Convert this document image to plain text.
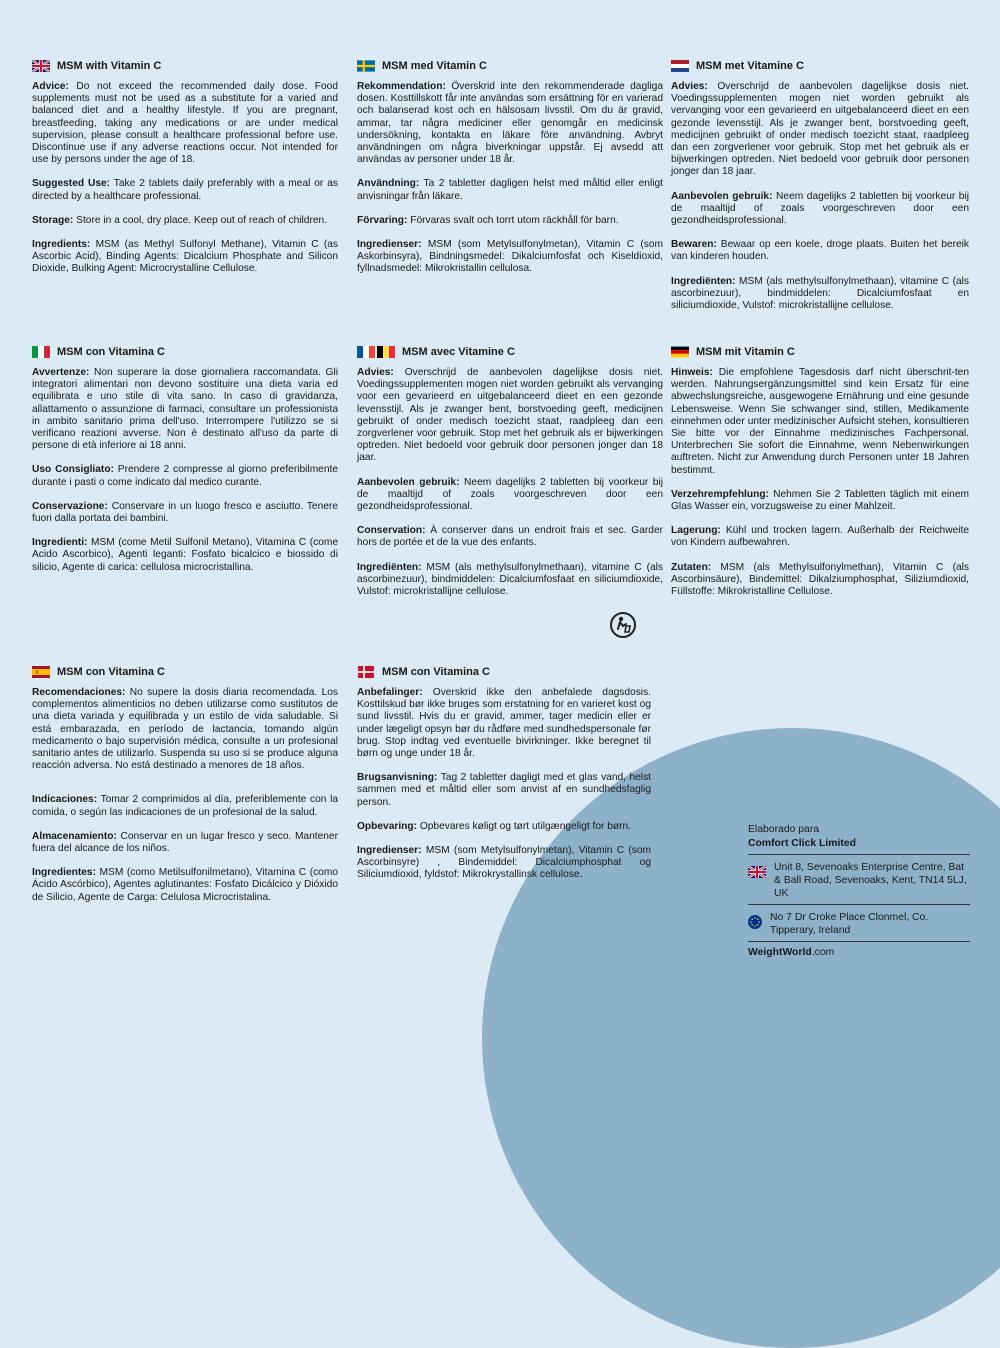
MSM with Vitamin C

Advice: Do not exceed the recommended daily dose. Food supplements must not be used as a substitute for a varied and balanced diet and a healthy lifestyle. If you are pregnant, breastfeeding, taking any medications or are under medical supervision, please consult a healthcare professional before use. Discontinue use if any adverse reactions occur. Not intended for use by persons under the age of 18.

Suggested Use: Take 2 tablets daily preferably with a meal or as directed by a healthcare professional.

Storage: Store in a cool, dry place. Keep out of reach of children.

Ingredients: MSM (as Methyl Sulfonyl Methane), Vitamin C (as Ascorbic Acid), Binding Agents: Dicalcium Phosphate and Silicon Dioxide, Bulking Agent: Microcrystalline Cellulose.

MSM med Vitamin C

Rekommendation: Överskrid inte den rekommenderade dagliga dosen. Kosttillskott får inte användas som ersättning för en varierad och balanserad kost och en hälsosam livsstil. Om du är gravid, ammar, tar några mediciner eller genomgår en medicinsk undersökning, kontakta en läkare före användning. Avbryt användningen om några biverkningar uppstår. Ej avsedd att användas av personer under 18 år.

Användning: Ta 2 tabletter dagligen helst med måltid eller enligt anvisningar från läkare.

Förvaring: Förvaras svalt och torrt utom räckhåll för barn.

Ingredienser: MSM (som Metylsulfonylmetan), Vitamin C (som Askorbinsyra), Bindningsmedel: Dikalciumfosfat och Kiseldioxid, fyllnadsmedel: Mikrokristallin cellulosa.

MSM met Vitamine C

Advies: Overschrijd de aanbevolen dagelijkse dosis niet. Voedingssupplementen mogen niet worden gebruikt als vervanging voor een gevarieerd en uitgebalanceerd dieet en een gezonde levensstijl. Als je zwanger bent, borstvoeding geeft, medicijnen gebruikt of onder medisch toezicht staat, raadpleeg dan een zorgverlener voor gebruik. Stop met het gebruik als er bijwerkingen optreden. Niet bedoeld voor gebruik door personen jonger dan 18 jaar.

Aanbevolen gebruik: Neem dagelijks 2 tabletten bij voorkeur bij de maaltijd of zoals voorgeschreven door een gezondheidsprofessional.

Bewaren: Bewaar op een koele, droge plaats. Buiten het bereik van kinderen houden.

Ingrediënten: MSM (als methylsulfonylmethaan), vitamine C (als ascorbinezuur), bindmiddelen: Dicalciumfosfaat en siliciumdioxide, Vulstof: microkristallijne cellulose.

MSM con Vitamina C

Avvertenze: Non superare la dose giornaliera raccomandata. Gli integratori alimentari non devono sostituire una dieta varia ed equilibrata e uno stile di vita sano. In caso di gravidanza, allattamento o assunzione di farmaci, consultare un professionista in ambito sanitario prima dell'uso. Interrompere l'utilizzo se si verificano reazioni avverse. Non è destinato all'uso da parte di persone di età inferiore ai 18 anni.

Uso Consigliato: Prendere 2 compresse al giorno preferibilmente durante i pasti o come indicato dal medico curante.

Conservazione: Conservare in un luogo fresco e asciutto. Tenere fuori dalla portata dei bambini.

Ingredienti: MSM (come Metil Sulfonil Metano), Vitamina C (come Acido Ascorbico), Agenti leganti: Fosfato bicalcico e biossido di silicio, Agente di carica: cellulosa microcristallina.

MSM avec Vitamine C

Advies: Overschrijd de aanbevolen dagelijkse dosis niet. Voedingssupplementen mogen niet worden gebruikt als vervanging voor een gevarieerd en uitgebalanceerd dieet en een gezonde levensstijl. Als je zwanger bent, borstvoeding geeft, medicijnen gebruikt of onder medisch toezicht staat, raadpleeg dan een zorgverlener voor gebruik. Stop met het gebruik als er bijwerkingen optreden. Niet bedoeld voor gebruik door personen jonger dan 18 jaar.

Aanbevolen gebruik: Neem dagelijks 2 tabletten bij voorkeur bij de maaltijd of zoals voorgeschreven door een gezondheidsprofessional.

Conservation: À conserver dans un endroit frais et sec. Garder hors de portée et de la vue des enfants.

Ingrediënten: MSM (als methylsulfonylmethaan), vitamine C (als ascorbinezuur), bindmiddelen: Dicalciumfosfaat en siliciumdioxide, Vulstof: microkristallijne cellulose.

MSM mit Vitamin C

Hinweis: Die empfohlene Tagesdosis darf nicht überschrit-ten werden. Nahrungsergänzungsmittel sind kein Ersatz für eine abwechslungsreiche, ausgewogene Ernährung und eine gesunde Lebensweise. Wenn Sie schwanger sind, stillen, Medikamente einnehmen oder unter medizinischer Aufsicht stehen, konsultieren Sie bitte vor der Einnahme medizinisches Fachpersonal. Unterbrechen Sie sofort die Einnahme, wenn Nebenwirkungen auftreten. Nicht zur Anwendung durch Personen unter 18 Jahren bestimmt.

Verzehrempfehlung: Nehmen Sie 2 Tabletten täglich mit einem Glas Wasser ein, vorzugsweise zu einer Mahlzeit.

Lagerung: Kühl und trocken lagern. Außerhalb der Reichweite von Kindern aufbewahren.

Zutaten: MSM (als Methylsulfonylmethan), Vitamin C (als Ascorbinsäure), Bindemittel: Dikalziumphosphat, Siliziumdioxid, Füllstoffe: Mikrokristalline Cellulose.

MSM con Vitamina C

Recomendaciones: No supere la dosis diaria recomendada. Los complementos alimenticios no deben utilizarse como sustitutos de una dieta variada y equilibrada y un estilo de vida saludable. Si está embarazada, en período de lactancia, tomando algún medicamento o bajo supervisión médica, consulte a un profesional sanitario antes de utilizarlo. Suspenda su uso si se produce alguna reacción adversa. No está destinado a menores de 18 años.

Indicaciones: Tomar 2 comprimidos al día, preferiblemente con la comida, o según las indicaciones de un profesional de la salud.

Almacenamiento: Conservar en un lugar fresco y seco. Mantener fuera del alcance de los niños.

Ingredientes: MSM (como Metilsulfonilmetano), Vitamina C (como Ácido Ascórbico), Agentes aglutinantes: Fosfato Dicálcico y Dióxido de Silicio, Agente de Carga: Celulosa Microcristalina.

MSM con Vitamina C

Anbefalinger: Overskrid ikke den anbefalede dagsdosis. Kosttilskud bør ikke bruges som erstatning for en varieret kost og sund livsstil. Hvis du er gravid, ammer, tager medicin eller er under lægeligt opsyn bør du rådføre med sundhedspersonale før brug. Stop indtag ved eventuelle bivirkninger. Ikke beregnet til børn og unge under 18 år.

Brugsanvisning: Tag 2 tabletter dagligt med et glas vand, helst sammen med et måltid eller som anvist af en sundhedsfaglig person.

Opbevaring: Opbevares køligt og tørt utilgængeligt for børn.

Ingredienser: MSM (som Metylsulfonylmetan), Vitamin C (som Ascorbinsyre) , Bindemiddel: Dicalciumphosphat og Siliciumdioxid, fyldstof: Mikrokrystallinsk cellulose.

Elaborado para
Comfort Click Limited
Unit 8, Sevenoaks Enterprise Centre, Bat & Ball Road, Sevenoaks, Kent, TN14 5LJ, UK
No 7 Dr Croke Place Clonmel, Co. Tipperary, Ireland
WeightWorld.com
